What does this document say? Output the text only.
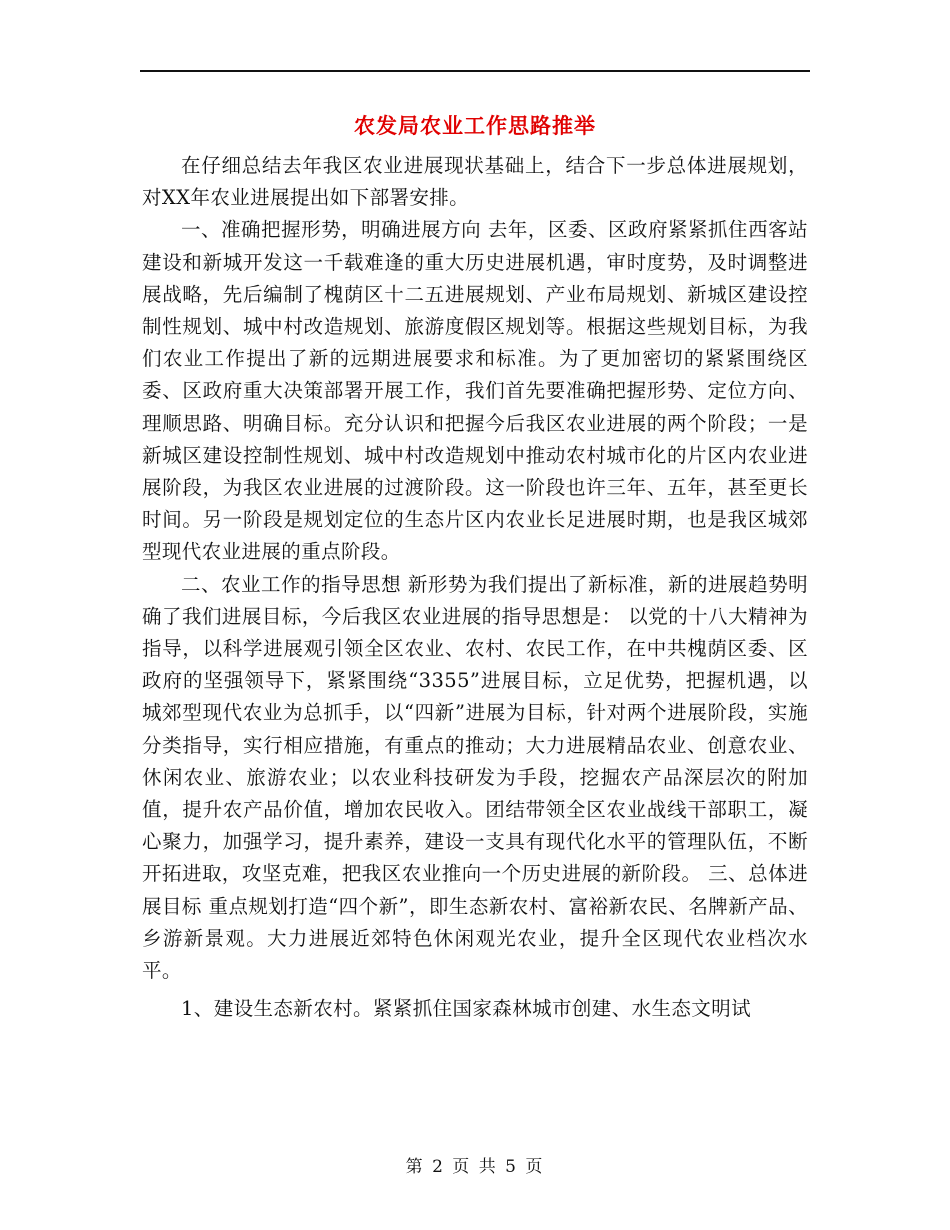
农发局农业工作思路推举

在仔细总结去年我区农业进展现状基础上，结合下一步总体进展规划，对XX年农业进展提出如下部署安排。

一、准确把握形势，明确进展方向 去年，区委、区政府紧紧抓住西客站建设和新城开发这一千载难逢的重大历史进展机遇，审时度势，及时调整进展战略，先后编制了槐荫区十二五进展规划、产业布局规划、新城区建设控制性规划、城中村改造规划、旅游度假区规划等。根据这些规划目标，为我们农业工作提出了新的远期进展要求和标准。为了更加密切的紧紧围绕区委、区政府重大决策部署开展工作，我们首先要准确把握形势、定位方向、理顺思路、明确目标。充分认识和把握今后我区农业进展的两个阶段；一是新城区建设控制性规划、城中村改造规划中推动农村城市化的片区内农业进展阶段，为我区农业进展的过渡阶段。这一阶段也许三年、五年，甚至更长时间。另一阶段是规划定位的生态片区内农业长足进展时期，也是我区城郊型现代农业进展的重点阶段。

二、农业工作的指导思想 新形势为我们提出了新标准，新的进展趋势明确了我们进展目标，今后我区农业进展的指导思想是： 以党的十八大精神为指导，以科学进展观引领全区农业、农村、农民工作，在中共槐荫区委、区政府的坚强领导下，紧紧围绕“3355”进展目标，立足优势，把握机遇，以城郊型现代农业为总抓手，以“四新”进展为目标，针对两个进展阶段，实施分类指导，实行相应措施，有重点的推动；大力进展精品农业、创意农业、休闲农业、旅游农业；以农业科技研发为手段，挖掘农产品深层次的附加值，提升农产品价值，增加农民收入。团结带领全区农业战线干部职工，凝心聚力，加强学习，提升素养，建设一支具有现代化水平的管理队伍，不断开拓进取，攻坚克难，把我区农业推向一个历史进展的新阶段。 三、总体进展目标 重点规划打造“四个新”，即生态新农村、富裕新农民、名牌新产品、乡游新景观。大力进展近郊特色休闲观光农业，提升全区现代农业档次水平。

1、建设生态新农村。紧紧抓住国家森林城市创建、水生态文明试

第 2 页 共 5 页
